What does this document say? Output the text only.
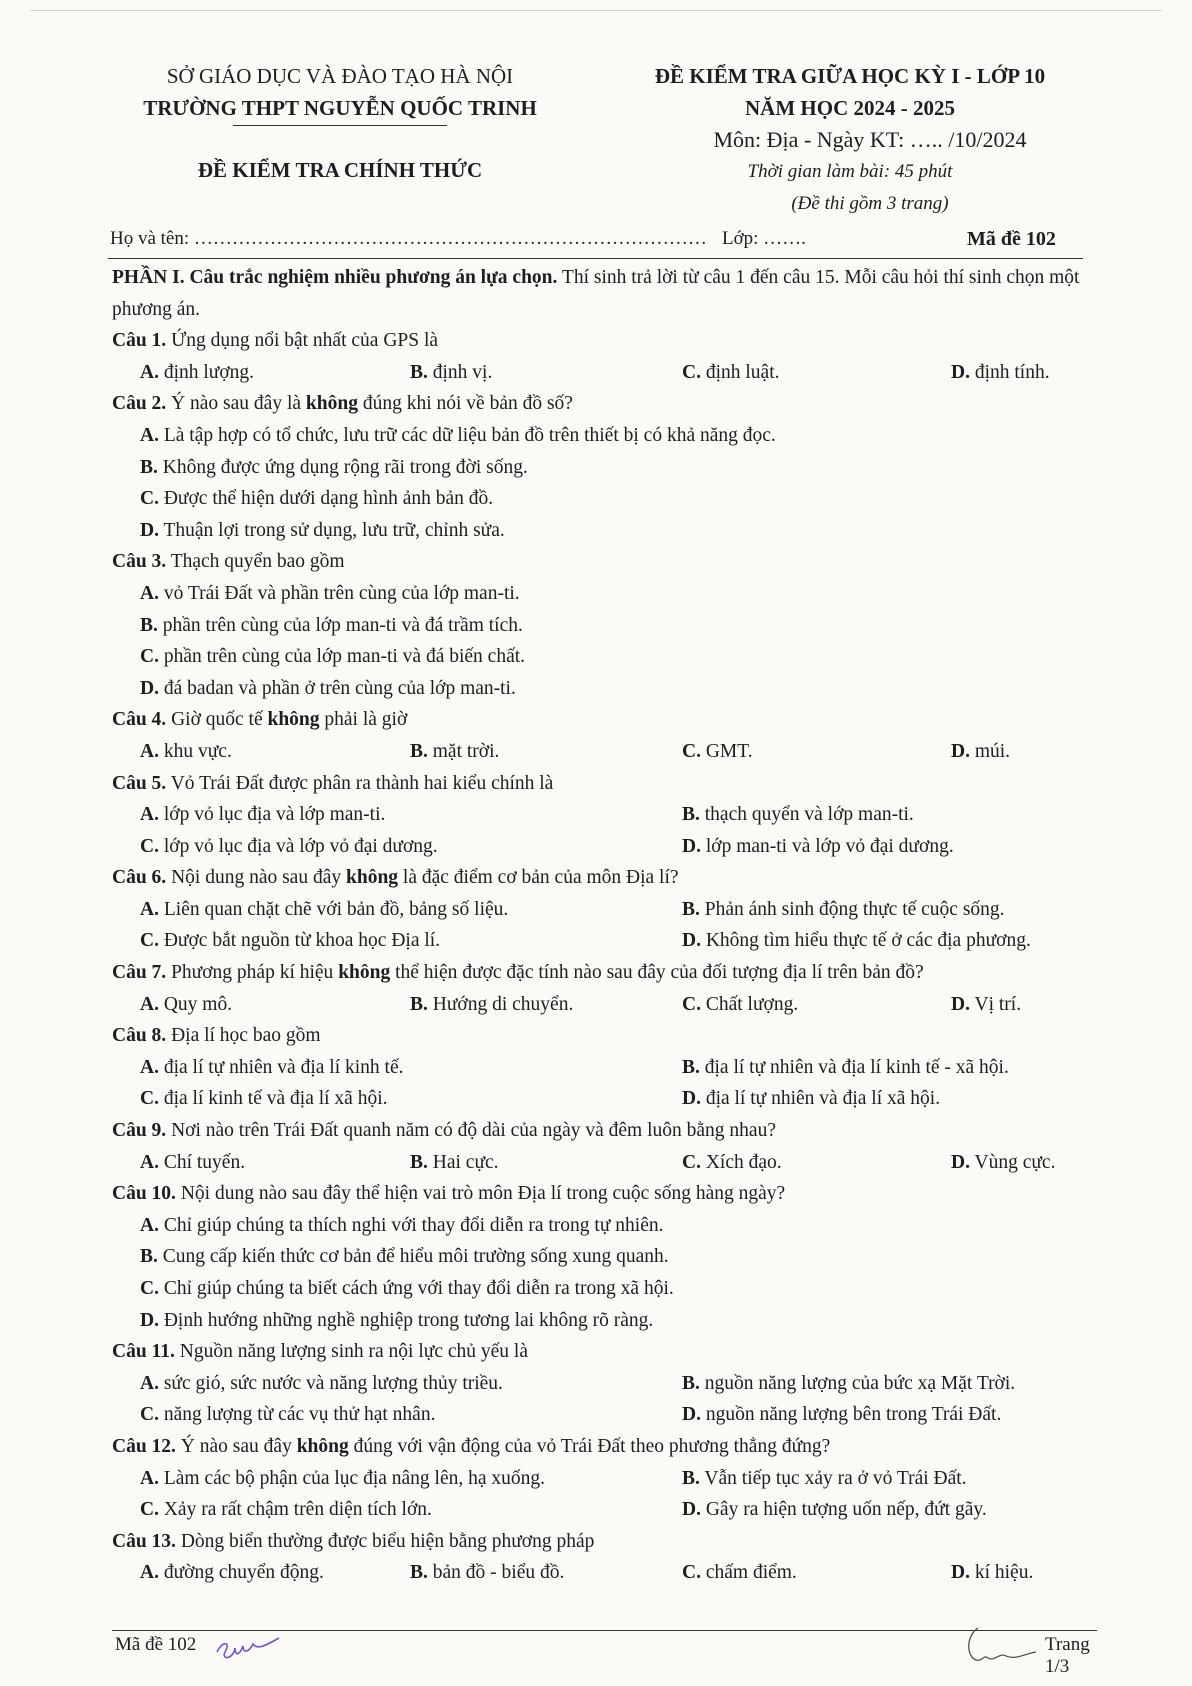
SỞ GIÁO DỤC VÀ ĐÀO TẠO HÀ NỘI
TRƯỜNG THPT NGUYỄN QUỐC TRINH
ĐỀ KIỂM TRA CHÍNH THỨC
ĐỀ KIỂM TRA GIỮA HỌC KỲ I - LỚP 10
NĂM HỌC 2024 - 2025
Môn: Địa - Ngày KT: ….. /10/2024
Thời gian làm bài: 45 phút
(Đề thi gồm 3 trang)
Họ và tên: ……………………………………………………………………… Lớp: …….	Mã đề 102

PHẦN I. Câu trắc nghiệm nhiều phương án lựa chọn. Thí sinh trả lời từ câu 1 đến câu 15. Mỗi câu hỏi thí sinh chọn một phương án.

Câu 1. Ứng dụng nổi bật nhất của GPS là
A. định lượng.	B. định vị.	C. định luật.	D. định tính.
Câu 2. Ý nào sau đây là không đúng khi nói về bản đồ số?
A. Là tập hợp có tổ chức, lưu trữ các dữ liệu bản đồ trên thiết bị có khả năng đọc.
B. Không được ứng dụng rộng rãi trong đời sống.
C. Được thể hiện dưới dạng hình ảnh bản đồ.
D. Thuận lợi trong sử dụng, lưu trữ, chỉnh sửa.
Câu 3. Thạch quyển bao gồm
A. vỏ Trái Đất và phần trên cùng của lớp man-ti.
B. phần trên cùng của lớp man-ti và đá trầm tích.
C. phần trên cùng của lớp man-ti và đá biến chất.
D. đá badan và phần ở trên cùng của lớp man-ti.
Câu 4. Giờ quốc tế không phải là giờ
A. khu vực.	B. mặt trời.	C. GMT.	D. múi.
Câu 5. Vỏ Trái Đất được phân ra thành hai kiểu chính là
A. lớp vỏ lục địa và lớp man-ti.	B. thạch quyển và lớp man-ti.
C. lớp vỏ lục địa và lớp vỏ đại dương.	D. lớp man-ti và lớp vỏ đại dương.
Câu 6. Nội dung nào sau đây không là đặc điểm cơ bản của môn Địa lí?
A. Liên quan chặt chẽ với bản đồ, bảng số liệu.	B. Phản ánh sinh động thực tế cuộc sống.
C. Được bắt nguồn từ khoa học Địa lí.	D. Không tìm hiểu thực tế ở các địa phương.
Câu 7. Phương pháp kí hiệu không thể hiện được đặc tính nào sau đây của đối tượng địa lí trên bản đồ?
A. Quy mô.	B. Hướng di chuyển.	C. Chất lượng.	D. Vị trí.
Câu 8. Địa lí học bao gồm
A. địa lí tự nhiên và địa lí kinh tế.	B. địa lí tự nhiên và địa lí kinh tế - xã hội.
C. địa lí kinh tế và địa lí xã hội.	D. địa lí tự nhiên và địa lí xã hội.
Câu 9. Nơi nào trên Trái Đất quanh năm có độ dài của ngày và đêm luôn bằng nhau?
A. Chí tuyến.	B. Hai cực.	C. Xích đạo.	D. Vùng cực.
Câu 10. Nội dung nào sau đây thể hiện vai trò môn Địa lí trong cuộc sống hàng ngày?
A. Chỉ giúp chúng ta thích nghi với thay đổi diễn ra trong tự nhiên.
B. Cung cấp kiến thức cơ bản để hiểu môi trường sống xung quanh.
C. Chỉ giúp chúng ta biết cách ứng với thay đổi diễn ra trong xã hội.
D. Định hướng những nghề nghiệp trong tương lai không rõ ràng.
Câu 11. Nguồn năng lượng sinh ra nội lực chủ yếu là
A. sức gió, sức nước và năng lượng thủy triều.	B. nguồn năng lượng của bức xạ Mặt Trời.
C. năng lượng từ các vụ thử hạt nhân.	D. nguồn năng lượng bên trong Trái Đất.
Câu 12. Ý nào sau đây không đúng với vận động của vỏ Trái Đất theo phương thẳng đứng?
A. Làm các bộ phận của lục địa nâng lên, hạ xuống.	B. Vẫn tiếp tục xảy ra ở vỏ Trái Đất.
C. Xảy ra rất chậm trên diện tích lớn.	D. Gây ra hiện tượng uốn nếp, đứt gãy.
Câu 13. Dòng biển thường được biểu hiện bằng phương pháp
A. đường chuyển động.	B. bản đồ - biểu đồ.	C. chấm điểm.	D. kí hiệu.
Mã đề 102	Trang 1/3
